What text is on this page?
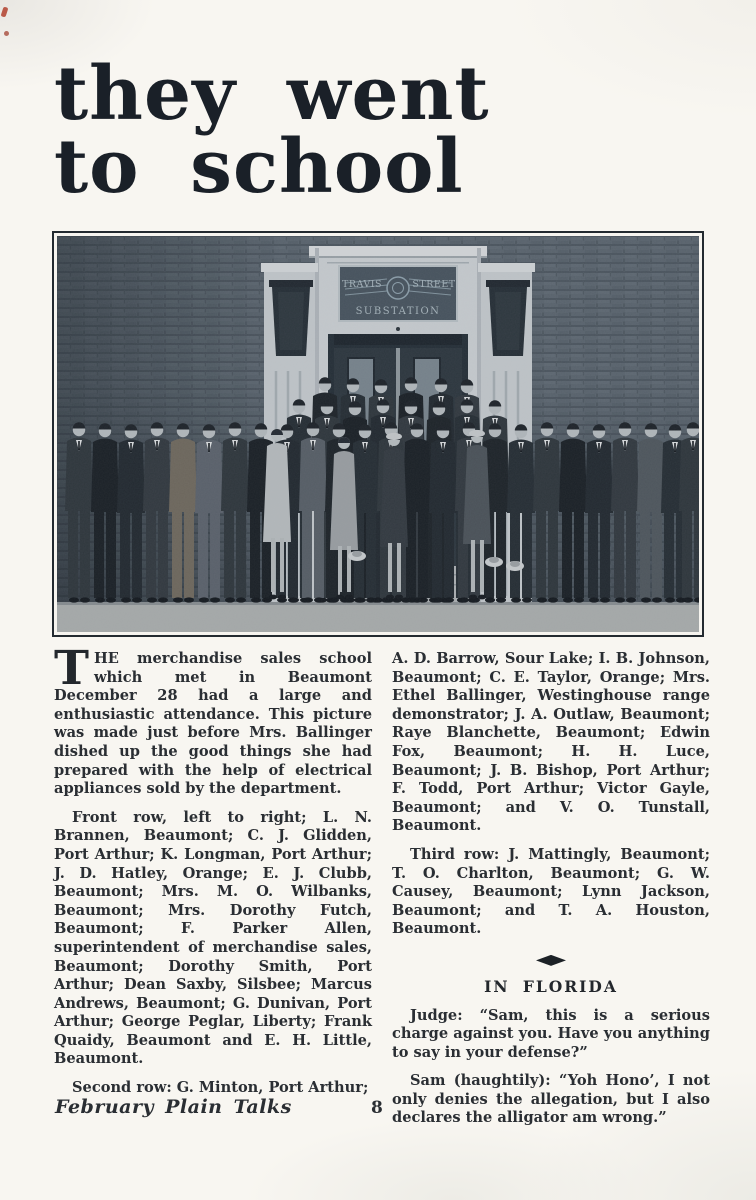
they went
to school

THE merchandise sales school which met in Beaumont December 28 had a large and enthusiastic attendance. This picture was made just before Mrs. Ballinger dished up the good things she had prepared with the help of electrical appliances sold by the department.

Front row, left to right; L. N. Brannen, Beaumont; C. J. Glidden, Port Arthur; K. Longman, Port Arthur; J. D. Hatley, Orange; E. J. Clubb, Beaumont; Mrs. M. O. Wilbanks, Beaumont; Mrs. Dorothy Futch, Beaumont; F. Parker Allen, superintendent of merchandise sales, Beaumont; Dorothy Smith, Port Arthur; Dean Saxby, Silsbee; Marcus Andrews, Beaumont; G. Dunivan, Port Arthur; George Peglar, Liberty; Frank Quaidy, Beaumont and E. H. Little, Beaumont.

Second row: G. Minton, Port Arthur;

A. D. Barrow, Sour Lake; I. B. Johnson, Beaumont; C. E. Taylor, Orange; Mrs. Ethel Ballinger, Westinghouse range demonstrator; J. A. Outlaw, Beaumont; Raye Blanchette, Beaumont; Edwin Fox, Beaumont; H. H. Luce, Beaumont; J. B. Bishop, Port Arthur; F. Todd, Port Arthur; Victor Gayle, Beaumont; and V. O. Tunstall, Beaumont.

Third row: J. Mattingly, Beaumont; T. O. Charlton, Beaumont; G. W. Causey, Beaumont; Lynn Jackson, Beaumont; and T. A. Houston, Beaumont.

IN FLORIDA

Judge: “Sam, this is a serious charge against you. Have you anything to say in your defense?”

Sam (haughtily): “Yoh Hono’, I not only denies the allegation, but I also declares the alligator am wrong.”

February Plain Talks	8
